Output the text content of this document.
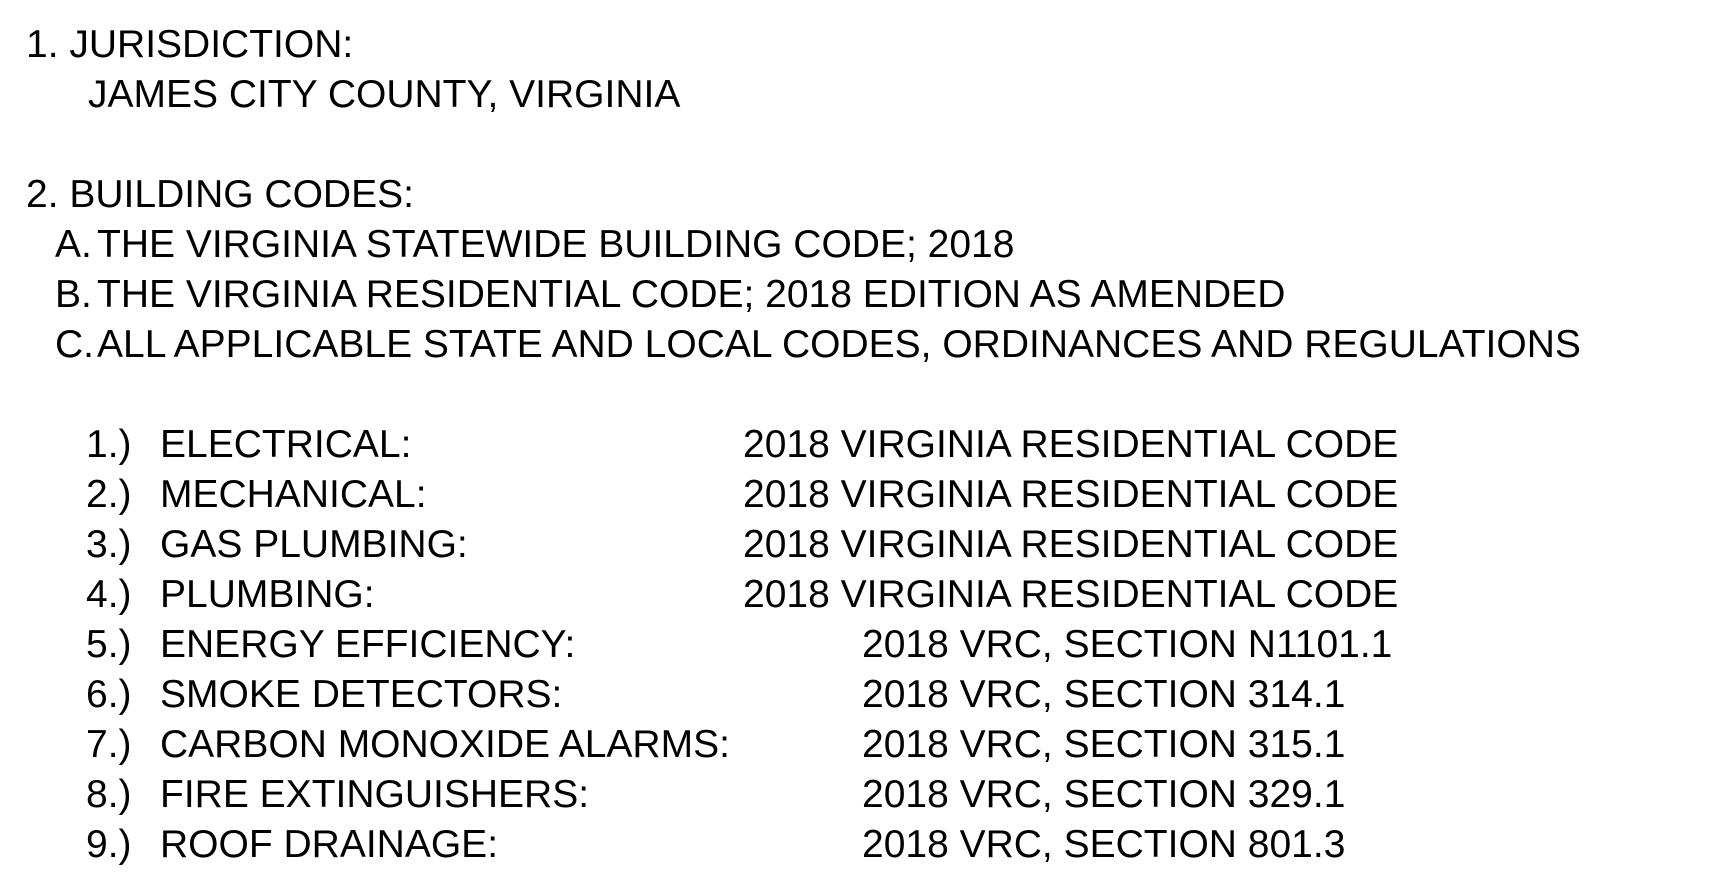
1. JURISDICTION:
JAMES CITY COUNTY, VIRGINIA
2. BUILDING CODES:
A. THE VIRGINIA STATEWIDE BUILDING CODE; 2018
B. THE VIRGINIA RESIDENTIAL CODE; 2018 EDITION AS AMENDED
C.ALL APPLICABLE STATE AND LOCAL CODES, ORDINANCES AND REGULATIONS
1.) ELECTRICAL:	2018 VIRGINIA RESIDENTIAL CODE
2.) MECHANICAL:	2018 VIRGINIA RESIDENTIAL CODE
3.) GAS PLUMBING:	2018 VIRGINIA RESIDENTIAL CODE
4.) PLUMBING:	2018 VIRGINIA RESIDENTIAL CODE
5.) ENERGY EFFICIENCY:	2018 VRC, SECTION N1101.1
6.) SMOKE DETECTORS:	2018 VRC, SECTION 314.1
7.) CARBON MONOXIDE ALARMS:	2018 VRC, SECTION 315.1
8.) FIRE EXTINGUISHERS:	2018 VRC, SECTION 329.1
9.) ROOF DRAINAGE:	2018 VRC, SECTION 801.3
